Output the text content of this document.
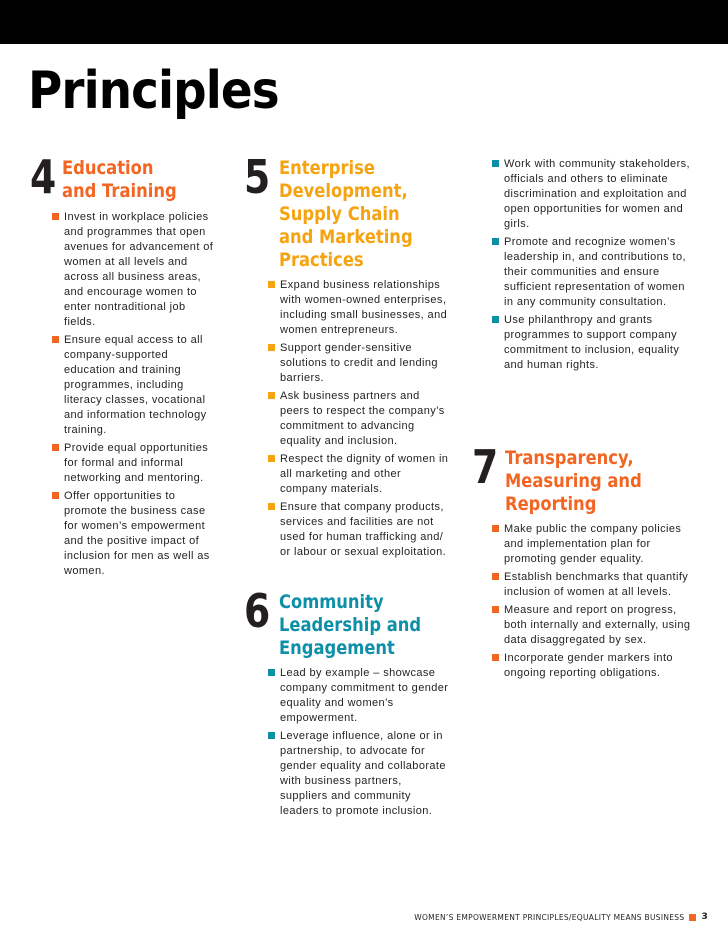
Principles
4 Education
and Training
Invest in workplace policies and programmes that open avenues for advancement of women at all levels and across all business areas, and encourage women to enter nontraditional job fields.
Ensure equal access to all company-supported education and training programmes, including literacy classes, vocational and information technology training.
Provide equal opportunities for formal and informal networking and mentoring.
Offer opportunities to promote the business case for women’s empowerment and the positive impact of inclusion for men as well as women.
5 Enterprise
Development,
Supply Chain
and Marketing
Practices
Expand business relationships with women-owned enterprises, including small businesses, and women entrepreneurs.
Support gender-sensitive solutions to credit and lending barriers.
Ask business partners and peers to respect the company’s commitment to advancing equality and inclusion.
Respect the dignity of women in all marketing and other company materials.
Ensure that company products, services and facilities are not used for human trafficking and/ or labour or sexual exploitation.
6 Community
Leadership and
Engagement
Lead by example – showcase company commitment to gender equality and women’s empowerment.
Leverage influence, alone or in partnership, to advocate for gender equality and collaborate with business partners, suppliers and community leaders to promote inclusion.
Work with community stakeholders, officials and others to eliminate discrimination and exploitation and open opportunities for women and girls.
Promote and recognize women’s leadership in, and contributions to, their communities and ensure sufficient representation of women in any community consultation.
Use philanthropy and grants programmes to support company commitment to inclusion, equality and human rights.
7 Transparency,
Measuring and
Reporting
Make public the company policies and implementation plan for promoting gender equality.
Establish benchmarks that quantify inclusion of women at all levels.
Measure and report on progress, both internally and externally, using data disaggregated by sex.
Incorporate gender markers into ongoing reporting obligations.
WOMEN’S EMPOWERMENT PRINCIPLES/EQUALITY MEANS BUSINESS 3
